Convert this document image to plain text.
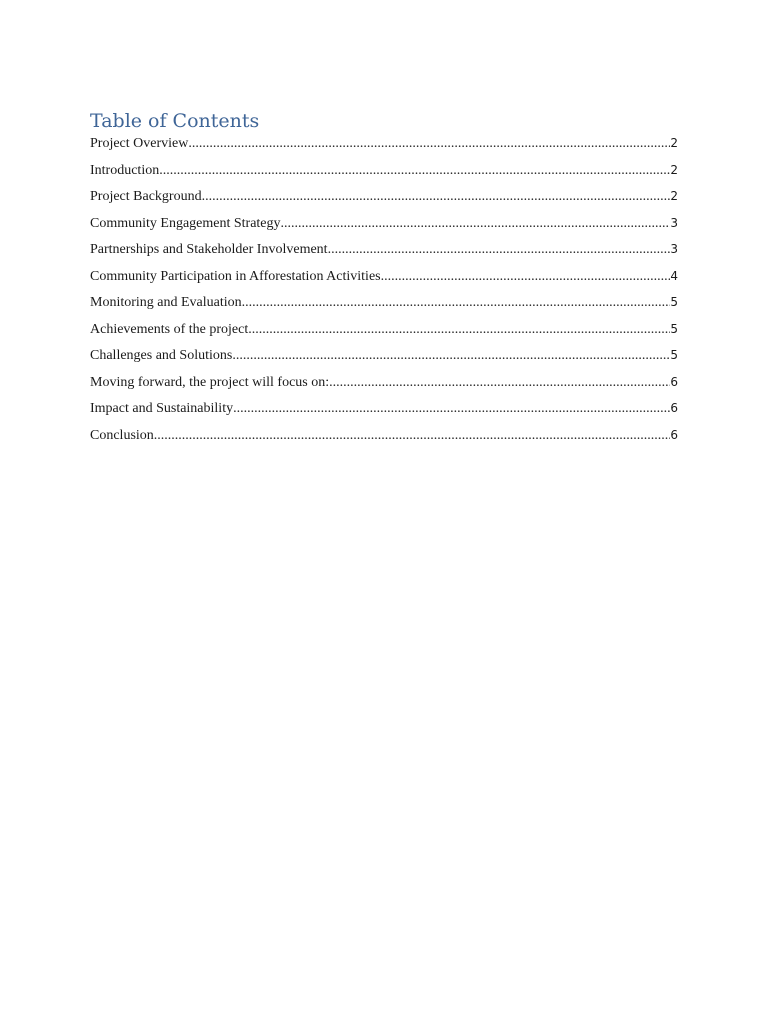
Table of Contents
Project Overview .....	2
Introduction .....	2
Project Background .....	2
Community Engagement Strategy .....	3
Partnerships and Stakeholder Involvement .....	3
Community Participation in Afforestation Activities .....	4
Monitoring and Evaluation .....	5
Achievements of the project .....	5
Challenges and Solutions .....	5
Moving forward, the project will focus on: .....	6
Impact and Sustainability .....	6
Conclusion .....	6
